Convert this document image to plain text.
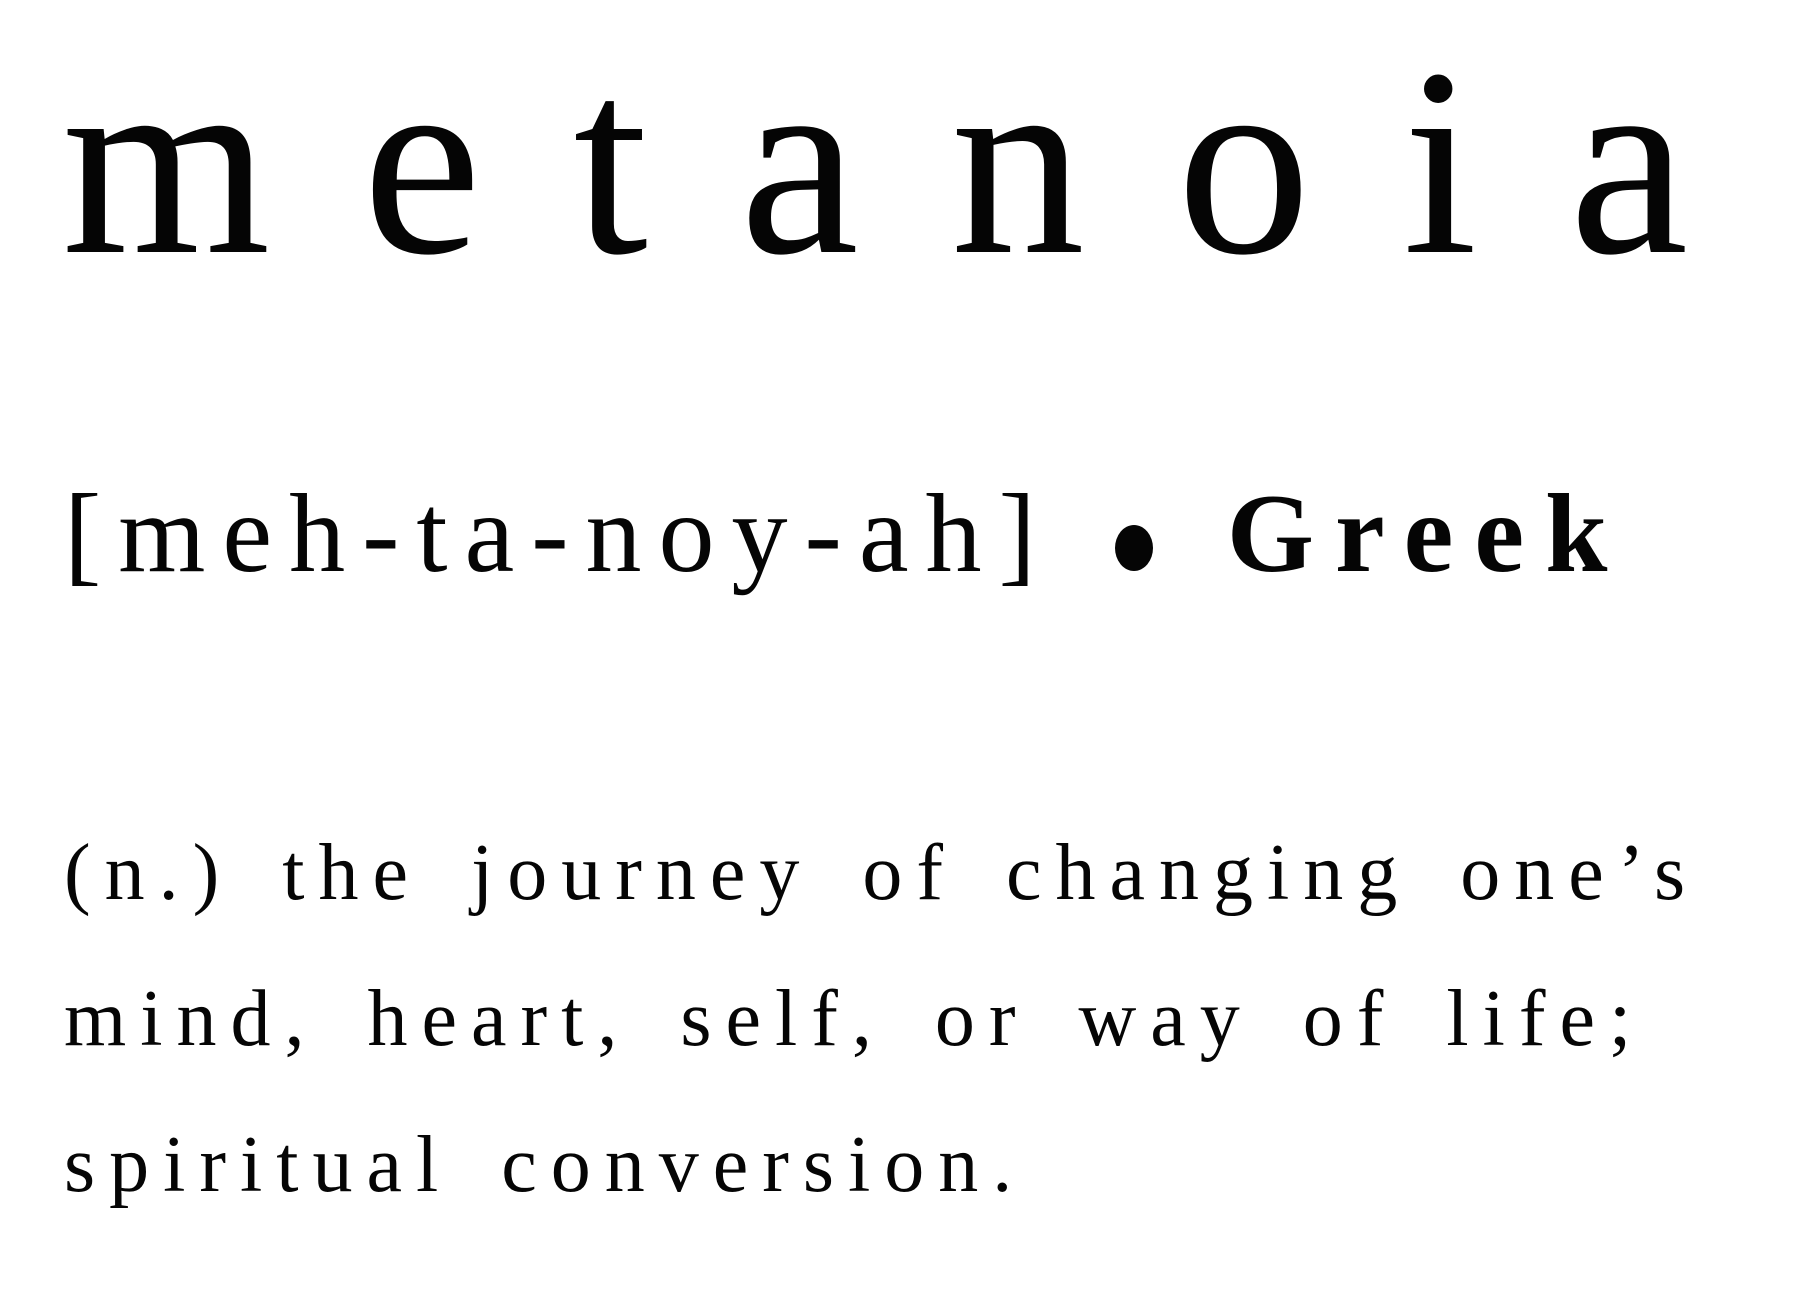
metanoia
[meh-ta-noy-ah] Greek
(n.) the journey of changing one’s
mind, heart, self, or way of life;
spiritual conversion.
